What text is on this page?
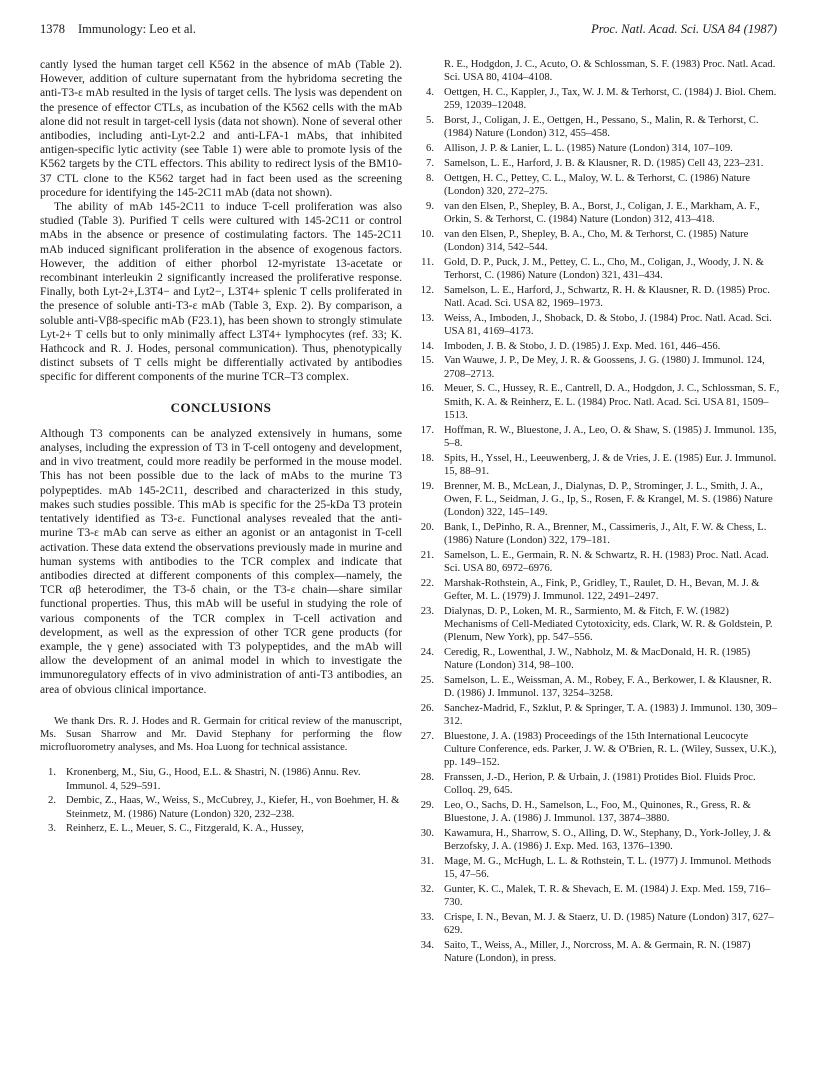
1378 Immunology: Leo et al.	Proc. Natl. Acad. Sci. USA 84 (1987)

cantly lysed the human target cell K562 in the absence of mAb (Table 2). However, addition of culture supernatant from the hybridoma secreting the anti-T3-ε mAb resulted in the lysis of target cells. The lysis was dependent on the presence of effector CTLs, as incubation of the K562 cells with the mAb alone did not result in target-cell lysis (data not shown). None of several other antibodies, including anti-Lyt-2.2 and anti-LFA-1 mAbs, that inhibited antigen-specific lytic activity (see Table 1) were able to promote lysis of the K562 targets by the CTL effectors. This ability to redirect lysis of the BM10-37 CTL clone to the K562 target had in fact been used as the screening procedure for identifying the 145-2C11 mAb (data not shown).

The ability of mAb 145-2C11 to induce T-cell proliferation was also studied (Table 3). Purified T cells were cultured with 145-2C11 or control mAbs in the absence or presence of costimulating factors. The 145-2C11 mAb induced significant proliferation in the absence of exogenous factors. However, the addition of either phorbol 12-myristate 13-acetate or recombinant interleukin 2 significantly increased the proliferative response. Finally, both Lyt-2+,L3T4− and Lyt2−, L3T4+ splenic T cells proliferated in the presence of soluble anti-T3-ε mAb (Table 3, Exp. 2). By comparison, a soluble anti-Vβ8-specific mAb (F23.1), has been shown to strongly stimulate Lyt-2+ T cells but to only minimally affect L3T4+ lymphocytes (ref. 33; K. Hathcock and R. J. Hodes, personal communication). Thus, phenotypically distinct subsets of T cells might be differentially activated by antibodies specific for different components of the murine TCR–T3 complex.

CONCLUSIONS

Although T3 components can be analyzed extensively in humans, some analyses, including the expression of T3 in T-cell ontogeny and development, and in vivo treatment, could more readily be performed in the mouse model. This has not been possible due to the lack of mAbs to the murine T3 polypeptides. mAb 145-2C11, described and characterized in this study, makes such studies possible. This mAb is specific for the 25-kDa T3 protein tentatively identified as T3-ε. Functional analyses revealed that the anti-murine T3-ε mAb can serve as either an agonist or an antagonist in T-cell activation. These data extend the observations previously made in murine and human systems with antibodies to the TCR complex and indicate that antibodies directed at different components of this complex—namely, the TCR αβ heterodimer, the T3-δ chain, or the T3-ε chain—share similar functional properties. Thus, this mAb will be useful in studying the role of various components of the TCR complex in T-cell activation and development, as well as the expression of other TCR gene products (for example, the γ gene) associated with T3 polypeptides, and the mAb will allow the development of an animal model in which to investigate the immunoregulatory effects of in vivo administration of anti-T3 antibodies, an area of obvious clinical importance.

We thank Drs. R. J. Hodes and R. Germain for critical review of the manuscript, Ms. Susan Sharrow and Mr. David Stephany for performing the flow microfluorometry analyses, and Ms. Hoa Luong for technical assistance.

1. Kronenberg, M., Siu, G., Hood, E.L. & Shastri, N. (1986) Annu. Rev. Immunol. 4, 529–591.
2. Dembic, Z., Haas, W., Weiss, S., McCubrey, J., Kiefer, H., von Boehmer, H. & Steinmetz, M. (1986) Nature (London) 320, 232–238.
3. Reinherz, E. L., Meuer, S. C., Fitzgerald, K. A., Hussey,
R. E., Hodgdon, J. C., Acuto, O. & Schlossman, S. F. (1983) Proc. Natl. Acad. Sci. USA 80, 4104–4108.
4. Oettgen, H. C., Kappler, J., Tax, W. J. M. & Terhorst, C. (1984) J. Biol. Chem. 259, 12039–12048.
5. Borst, J., Coligan, J. E., Oettgen, H., Pessano, S., Malin, R. & Terhorst, C. (1984) Nature (London) 312, 455–458.
6. Allison, J. P. & Lanier, L. L. (1985) Nature (London) 314, 107–109.
7. Samelson, L. E., Harford, J. B. & Klausner, R. D. (1985) Cell 43, 223–231.
8. Oettgen, H. C., Pettey, C. L., Maloy, W. L. & Terhorst, C. (1986) Nature (London) 320, 272–275.
9. van den Elsen, P., Shepley, B. A., Borst, J., Coligan, J. E., Markham, A. F., Orkin, S. & Terhorst, C. (1984) Nature (London) 312, 413–418.
10. van den Elsen, P., Shepley, B. A., Cho, M. & Terhorst, C. (1985) Nature (London) 314, 542–544.
11. Gold, D. P., Puck, J. M., Pettey, C. L., Cho, M., Coligan, J., Woody, J. N. & Terhorst, C. (1986) Nature (London) 321, 431–434.
12. Samelson, L. E., Harford, J., Schwartz, R. H. & Klausner, R. D. (1985) Proc. Natl. Acad. Sci. USA 82, 1969–1973.
13. Weiss, A., Imboden, J., Shoback, D. & Stobo, J. (1984) Proc. Natl. Acad. Sci. USA 81, 4169–4173.
14. Imboden, J. B. & Stobo, J. D. (1985) J. Exp. Med. 161, 446–456.
15. Van Wauwe, J. P., De Mey, J. R. & Goossens, J. G. (1980) J. Immunol. 124, 2708–2713.
16. Meuer, S. C., Hussey, R. E., Cantrell, D. A., Hodgdon, J. C., Schlossman, S. F., Smith, K. A. & Reinherz, E. L. (1984) Proc. Natl. Acad. Sci. USA 81, 1509–1513.
17. Hoffman, R. W., Bluestone, J. A., Leo, O. & Shaw, S. (1985) J. Immunol. 135, 5–8.
18. Spits, H., Yssel, H., Leeuwenberg, J. & de Vries, J. E. (1985) Eur. J. Immunol. 15, 88–91.
19. Brenner, M. B., McLean, J., Dialynas, D. P., Strominger, J. L., Smith, J. A., Owen, F. L., Seidman, J. G., Ip, S., Rosen, F. & Krangel, M. S. (1986) Nature (London) 322, 145–149.
20. Bank, I., DePinho, R. A., Brenner, M., Cassimeris, J., Alt, F. W. & Chess, L. (1986) Nature (London) 322, 179–181.
21. Samelson, L. E., Germain, R. N. & Schwartz, R. H. (1983) Proc. Natl. Acad. Sci. USA 80, 6972–6976.
22. Marshak-Rothstein, A., Fink, P., Gridley, T., Raulet, D. H., Bevan, M. J. & Gefter, M. L. (1979) J. Immunol. 122, 2491–2497.
23. Dialynas, D. P., Loken, M. R., Sarmiento, M. & Fitch, F. W. (1982) Mechanisms of Cell-Mediated Cytotoxicity, eds. Clark, W. R. & Goldstein, P. (Plenum, New York), pp. 547–556.
24. Ceredig, R., Lowenthal, J. W., Nabholz, M. & MacDonald, H. R. (1985) Nature (London) 314, 98–100.
25. Samelson, L. E., Weissman, A. M., Robey, F. A., Berkower, I. & Klausner, R. D. (1986) J. Immunol. 137, 3254–3258.
26. Sanchez-Madrid, F., Szklut, P. & Springer, T. A. (1983) J. Immunol. 130, 309–312.
27. Bluestone, J. A. (1983) Proceedings of the 15th International Leucocyte Culture Conference, eds. Parker, J. W. & O'Brien, R. L. (Wiley, Sussex, U.K.), pp. 149–152.
28. Franssen, J.-D., Herion, P. & Urbain, J. (1981) Protides Biol. Fluids Proc. Colloq. 29, 645.
29. Leo, O., Sachs, D. H., Samelson, L., Foo, M., Quinones, R., Gress, R. & Bluestone, J. A. (1986) J. Immunol. 137, 3874–3880.
30. Kawamura, H., Sharrow, S. O., Alling, D. W., Stephany, D., York-Jolley, J. & Berzofsky, J. A. (1986) J. Exp. Med. 163, 1376–1390.
31. Mage, M. G., McHugh, L. L. & Rothstein, T. L. (1977) J. Immunol. Methods 15, 47–56.
32. Gunter, K. C., Malek, T. R. & Shevach, E. M. (1984) J. Exp. Med. 159, 716–730.
33. Crispe, I. N., Bevan, M. J. & Staerz, U. D. (1985) Nature (London) 317, 627–629.
34. Saito, T., Weiss, A., Miller, J., Norcross, M. A. & Germain, R. N. (1987) Nature (London), in press.
